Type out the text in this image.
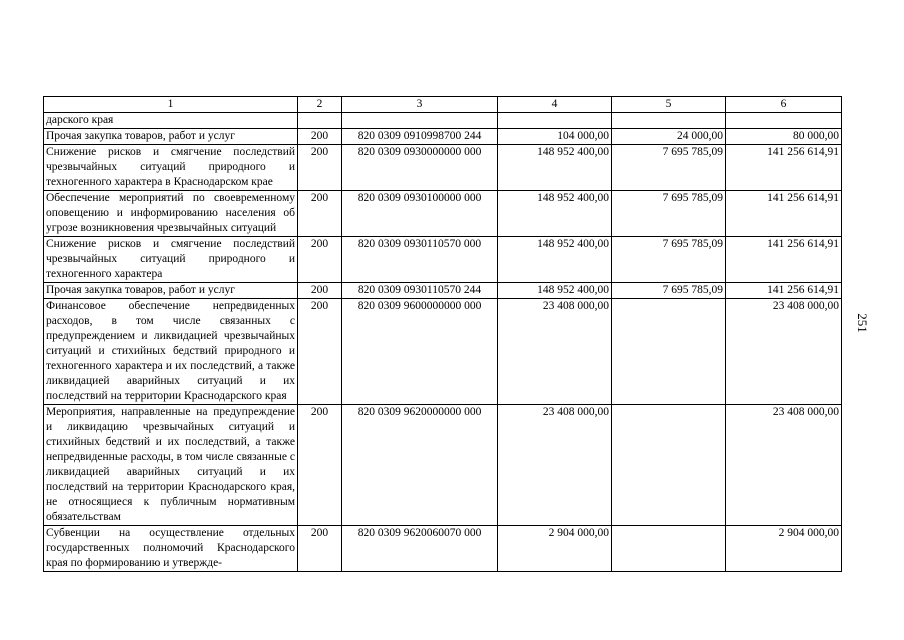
1	2	3	4	5	6
дарского края					
Прочая закупка товаров, работ и услуг	200	820 0309 0910998700 244	104 000,00	24 000,00	80 000,00
Снижение рисков и смягчение последствий чрезвычайных ситуаций природного и техногенного характера в Краснодарском крае	200	820 0309 0930000000 000	148 952 400,00	7 695 785,09	141 256 614,91
Обеспечение мероприятий по своевременному оповещению и информированию населения об угрозе возникновения чрезвычайных ситуаций	200	820 0309 0930100000 000	148 952 400,00	7 695 785,09	141 256 614,91
Снижение рисков и смягчение последствий чрезвычайных ситуаций природного и техногенного характера	200	820 0309 0930110570 000	148 952 400,00	7 695 785,09	141 256 614,91
Прочая закупка товаров, работ и услуг	200	820 0309 0930110570 244	148 952 400,00	7 695 785,09	141 256 614,91
Финансовое обеспечение непредвиденных расходов, в том числе связанных с предупреждением и ликвидацией чрезвычайных ситуаций и стихийных бедствий природного и техногенного характера и их последствий, а также ликвидацией аварийных ситуаций и их последствий на территории Краснодарского края	200	820 0309 9600000000 000	23 408 000,00		23 408 000,00
Мероприятия, направленные на предупреждение и ликвидацию чрезвычайных ситуаций и стихийных бедствий и их последствий, а также непредвиденные расходы, в том числе связанные с ликвидацией аварийных ситуаций и их последствий на территории Краснодарского края, не относящиеся к публичным нормативным обязательствам	200	820 0309 9620000000 000	23 408 000,00		23 408 000,00
Субвенции на осуществление отдельных государственных полномочий Краснодарского края по формированию и утвержде-	200	820 0309 9620060070 000	2 904 000,00		2 904 000,00
251
